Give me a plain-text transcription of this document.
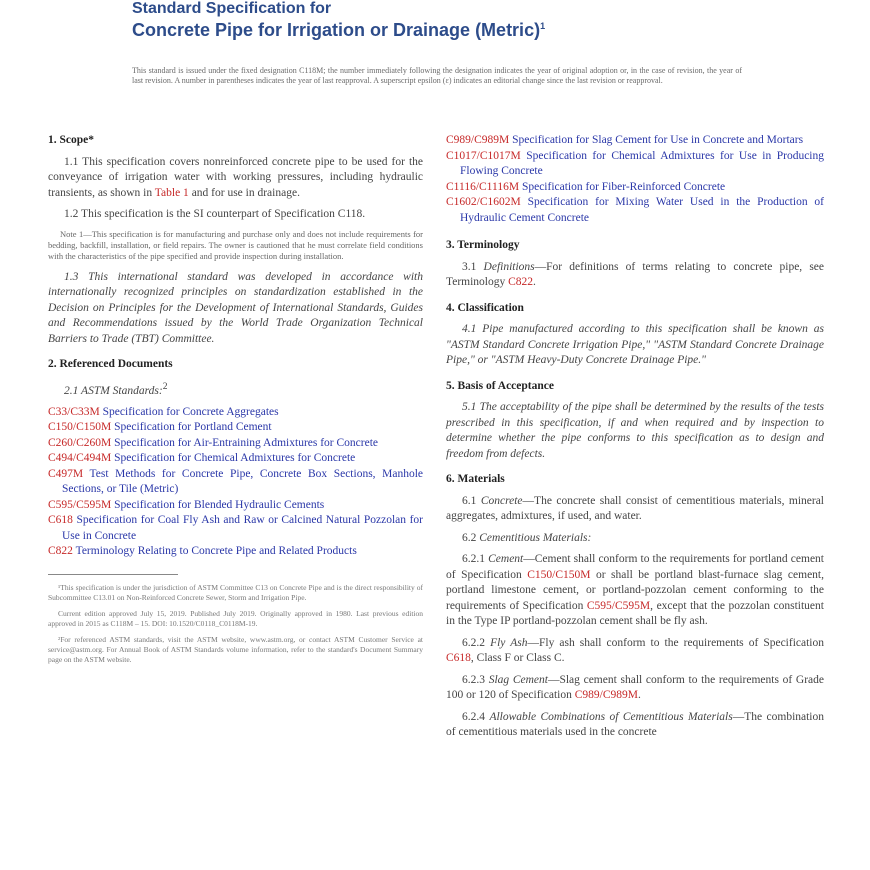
Standard Specification for
Concrete Pipe for Irrigation or Drainage (Metric)$^1$
This standard is issued under the fixed designation C118M; the number immediately following the designation indicates the year of original adoption or, in the case of revision, the year of last revision. A number in parentheses indicates the year of last reapproval. A superscript epsilon (ε) indicates an editorial change since the last revision or reapproval.
1. Scope*
1.1 This specification covers nonreinforced concrete pipe to be used for the conveyance of irrigation water with working pressures, including hydraulic transients, as shown in Table 1 and for use in drainage.
1.2 This specification is the SI counterpart of Specification C118.
Note 1—This specification is for manufacturing and purchase only and does not include requirements for bedding, backfill, installation, or field repairs. The owner is cautioned that he must correlate field conditions with the characteristics of the pipe specified and provide inspection during installation.
1.3 This international standard was developed in accordance with internationally recognized principles on standardization established in the Decision on Principles for the Development of International Standards, Guides and Recommendations issued by the World Trade Organization Technical Barriers to Trade (TBT) Committee.
2. Referenced Documents
2.1 ASTM Standards:$^2$
C33/C33M Specification for Concrete Aggregates
C150/C150M Specification for Portland Cement
C260/C260M Specification for Air-Entraining Admixtures for Concrete
C494/C494M Specification for Chemical Admixtures for Concrete
C497M Test Methods for Concrete Pipe, Concrete Box Sections, Manhole Sections, or Tile (Metric)
C595/C595M Specification for Blended Hydraulic Cements
C618 Specification for Coal Fly Ash and Raw or Calcined Natural Pozzolan for Use in Concrete
C822 Terminology Relating to Concrete Pipe and Related Products
¹This specification is under the jurisdiction of ASTM Committee C13 on Concrete Pipe and is the direct responsibility of Subcommittee C13.01 on Non-Reinforced Concrete Sewer, Storm and Irrigation Pipe.
Current edition approved July 15, 2019. Published July 2019. Originally approved in 1980. Last previous edition approved in 2015 as C118M – 15. DOI: 10.1520/C0118_C0118M-19.
²For referenced ASTM standards, visit the ASTM website, www.astm.org, or contact ASTM Customer Service at service@astm.org. For Annual Book of ASTM Standards volume information, refer to the standard's Document Summary page on the ASTM website.
C989/C989M Specification for Slag Cement for Use in Concrete and Mortars
C1017/C1017M Specification for Chemical Admixtures for Use in Producing Flowing Concrete
C1116/C1116M Specification for Fiber-Reinforced Concrete
C1602/C1602M Specification for Mixing Water Used in the Production of Hydraulic Cement Concrete
3. Terminology
3.1 Definitions—For definitions of terms relating to concrete pipe, see Terminology C822.
4. Classification
4.1 Pipe manufactured according to this specification shall be known as "ASTM Standard Concrete Irrigation Pipe," "ASTM Standard Concrete Drainage Pipe," or "ASTM Heavy-Duty Concrete Drainage Pipe."
5. Basis of Acceptance
5.1 The acceptability of the pipe shall be determined by the results of the tests prescribed in this specification, if and when required and by inspection to determine whether the pipe conforms to this specification as to design and freedom from defects.
6. Materials
6.1 Concrete—The concrete shall consist of cementitious materials, mineral aggregates, admixtures, if used, and water.
6.2 Cementitious Materials:
6.2.1 Cement—Cement shall conform to the requirements for portland cement of Specification C150/C150M or shall be portland blast-furnace slag cement, portland limestone cement, or portland-pozzolan cement conforming to the requirements of Specification C595/C595M, except that the pozzolan constituent in the Type IP portland-pozzolan cement shall be fly ash.
6.2.2 Fly Ash—Fly ash shall conform to the requirements of Specification C618, Class F or Class C.
6.2.3 Slag Cement—Slag cement shall conform to the requirements of Grade 100 or 120 of Specification C989/C989M.
6.2.4 Allowable Combinations of Cementitious Materials—The combination of cementitious materials used in the concrete
